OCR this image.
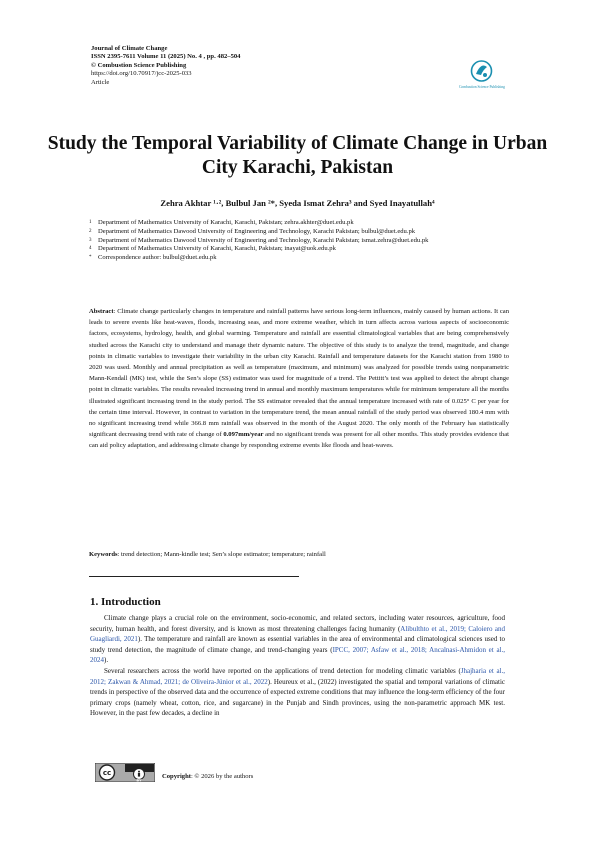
Journal of Climate Change
ISSN 2395-7611 Volume 11 (2025) No. 4 , pp. 482–504
© Combustion Science Publishing
https://doi.org/10.70917/jcc-2025-033
Article
Combustion Science Publishing
Study the Temporal Variability of Climate Change in Urban City Karachi, Pakistan
Zehra Akhtar ¹·², Bulbul Jan ²*, Syeda Ismat Zehra³ and Syed Inayatullah⁴
1 Department of Mathematics University of Karachi, Karachi, Pakistan; zehra.akhter@duet.edu.pk
2 Department of Mathematics Dawood University of Engineering and Technology, Karachi Pakistan; bulbul@duet.edu.pk
3 Department of Mathematics Dawood University of Engineering and Technology, Karachi Pakistan; ismat.zehra@duet.edu.pk
4 Department of Mathematics University of Karachi, Karachi, Pakistan; inayat@uok.edu.pk
* Correspondence author: bulbul@duet.edu.pk
Abstract: Climate change particularly changes in temperature and rainfall patterns have serious long-term influences, mainly caused by human actions. It can leads to severe events like heat-waves, floods, increasing seas, and more extreme weather, which in turn affects across various aspects of socioeconomic factors, ecosystems, hydrology, health, and global warming. Temperature and rainfall are essential climatological variables that are being comprehensively studied across the Karachi city to understand and manage their dynamic nature. The objective of this study is to analyze the trend, magnitude, and change points in climatic variables to investigate their variability in the urban city Karachi. Rainfall and temperature datasets for the Karachi station from 1980 to 2020 was used. Monthly and annual precipitation as well as temperature (maximum, and minimum) was analyzed for possible trends using nonparametric Mann-Kendall (MK) test, while the Sen’s slope (SS) estimator was used for magnitude of a trend. The Pettitt’s test was applied to detect the abrupt change point in climatic variables. The results revealed increasing trend in annual and monthly maximum temperatures while for minimum temperature all the months illustrated significant increasing trend in the study period. The SS estimator revealed that the annual temperature increased with rate of 0.025° C per year for the certain time interval. However, in contrast to variation in the temperature trend, the mean annual rainfall of the study period was observed 180.4 mm with no significant increasing trend while 366.8 mm rainfall was observed in the month of the August 2020. The only month of the February has statistically significant decreasing trend with rate of change of 0.097mm/year and no significant trends was present for all other months. This study provides evidence that can aid policy adaptation, and addressing climate change by responding extreme events like floods and heat-waves.
Keywords: trend detection; Mann-kindle test; Sen’s slope estimator; temperature; rainfall
1. Introduction

Climate change plays a crucial role on the environment, socio-economic, and related sectors, including water resources, agriculture, food security, human health, and forest diversity, and is known as most threatening challenges facing humanity (Alibulthto et al., 2019; Caloiero and Guagliardi, 2021). The temperature and rainfall are known as essential variables in the area of environmental and climatological sciences used to study trend detection, the magnitude of climate change, and trend-changing years (IPCC, 2007; Asfaw et al., 2018; Ancalnasi-Ahmidon et al., 2024).

Several researchers across the world have reported on the applications of trend detection for modeling climatic variables (Jhajharia et al., 2012; Zakwan & Ahmad, 2021; de Oliveira-Júnior et al., 2022). Heureux et al., (2022) investigated the spatial and temporal variations of climatic trends in perspective of the observed data and the occurrence of expected extreme conditions that may influence the long-term efficiency of the four primary crops (namely wheat, cotton, rice, and sugarcane) in the Punjab and Sindh provinces, using the non-parametric approach MK test. However, in the past few decades, a decline in

cc
BY
Copyright: © 2026 by the authors
